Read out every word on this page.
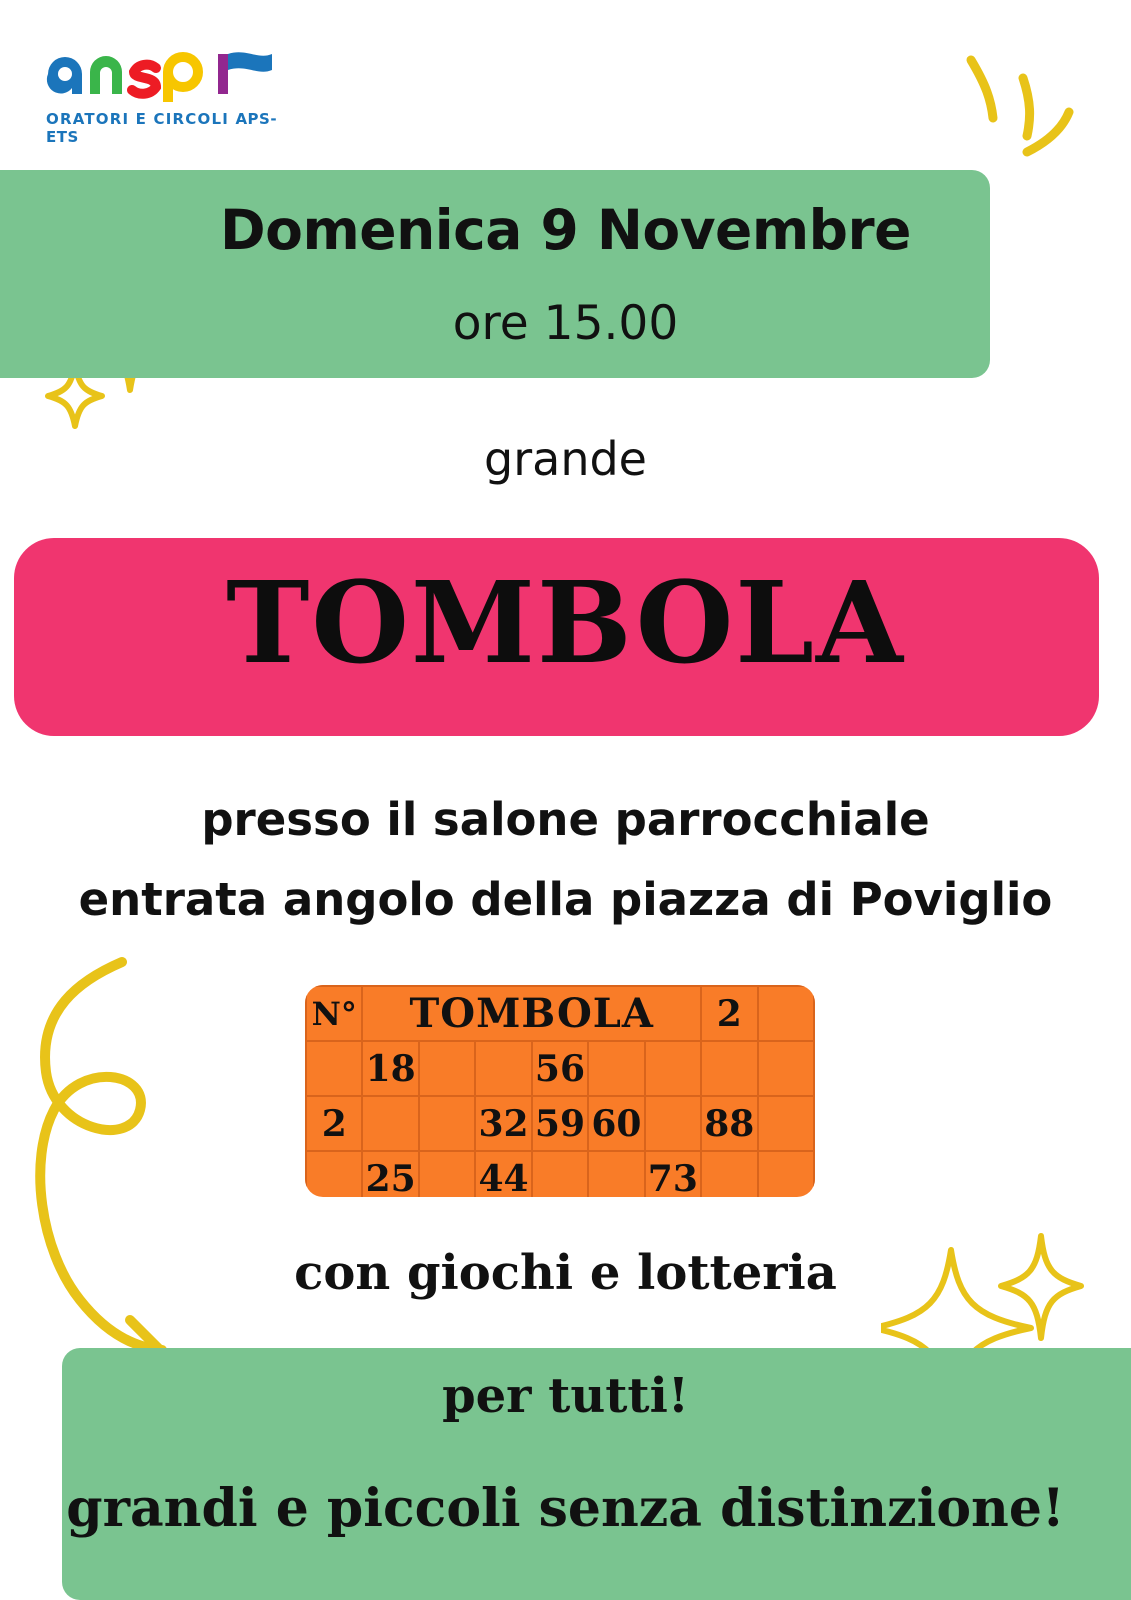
ORATORI E CIRCOLI APS-ETS
Domenica 9 Novembre
ore 15.00
grande
TOMBOLA
presso il salone parrocchiale
entrata angolo della piazza di Poviglio
N°	TOMBOLA						2	
	18			56				
2			32	59	60		88	
	25		44			73		
con giochi e lotteria
per tutti!
grandi e piccoli senza distinzione!
